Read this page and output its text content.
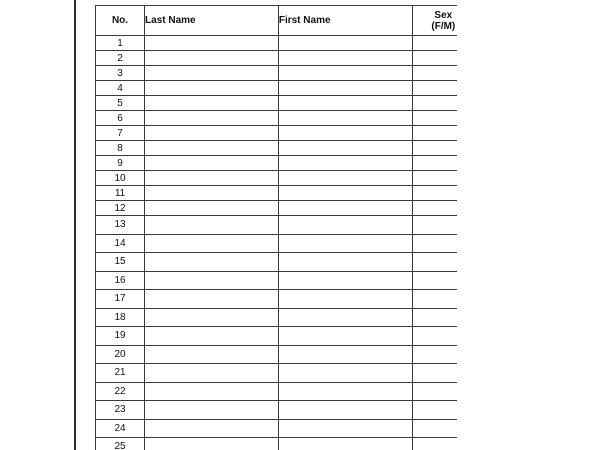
No.	Last Name	First Name	Sex
(F/M)

1			
2			
3			
4			
5			
6			
7			
8			
9			
10			
11			
12			
13			
14			
15			
16			
17			
18			
19			
20			
21			
22			
23			
24			
25			
